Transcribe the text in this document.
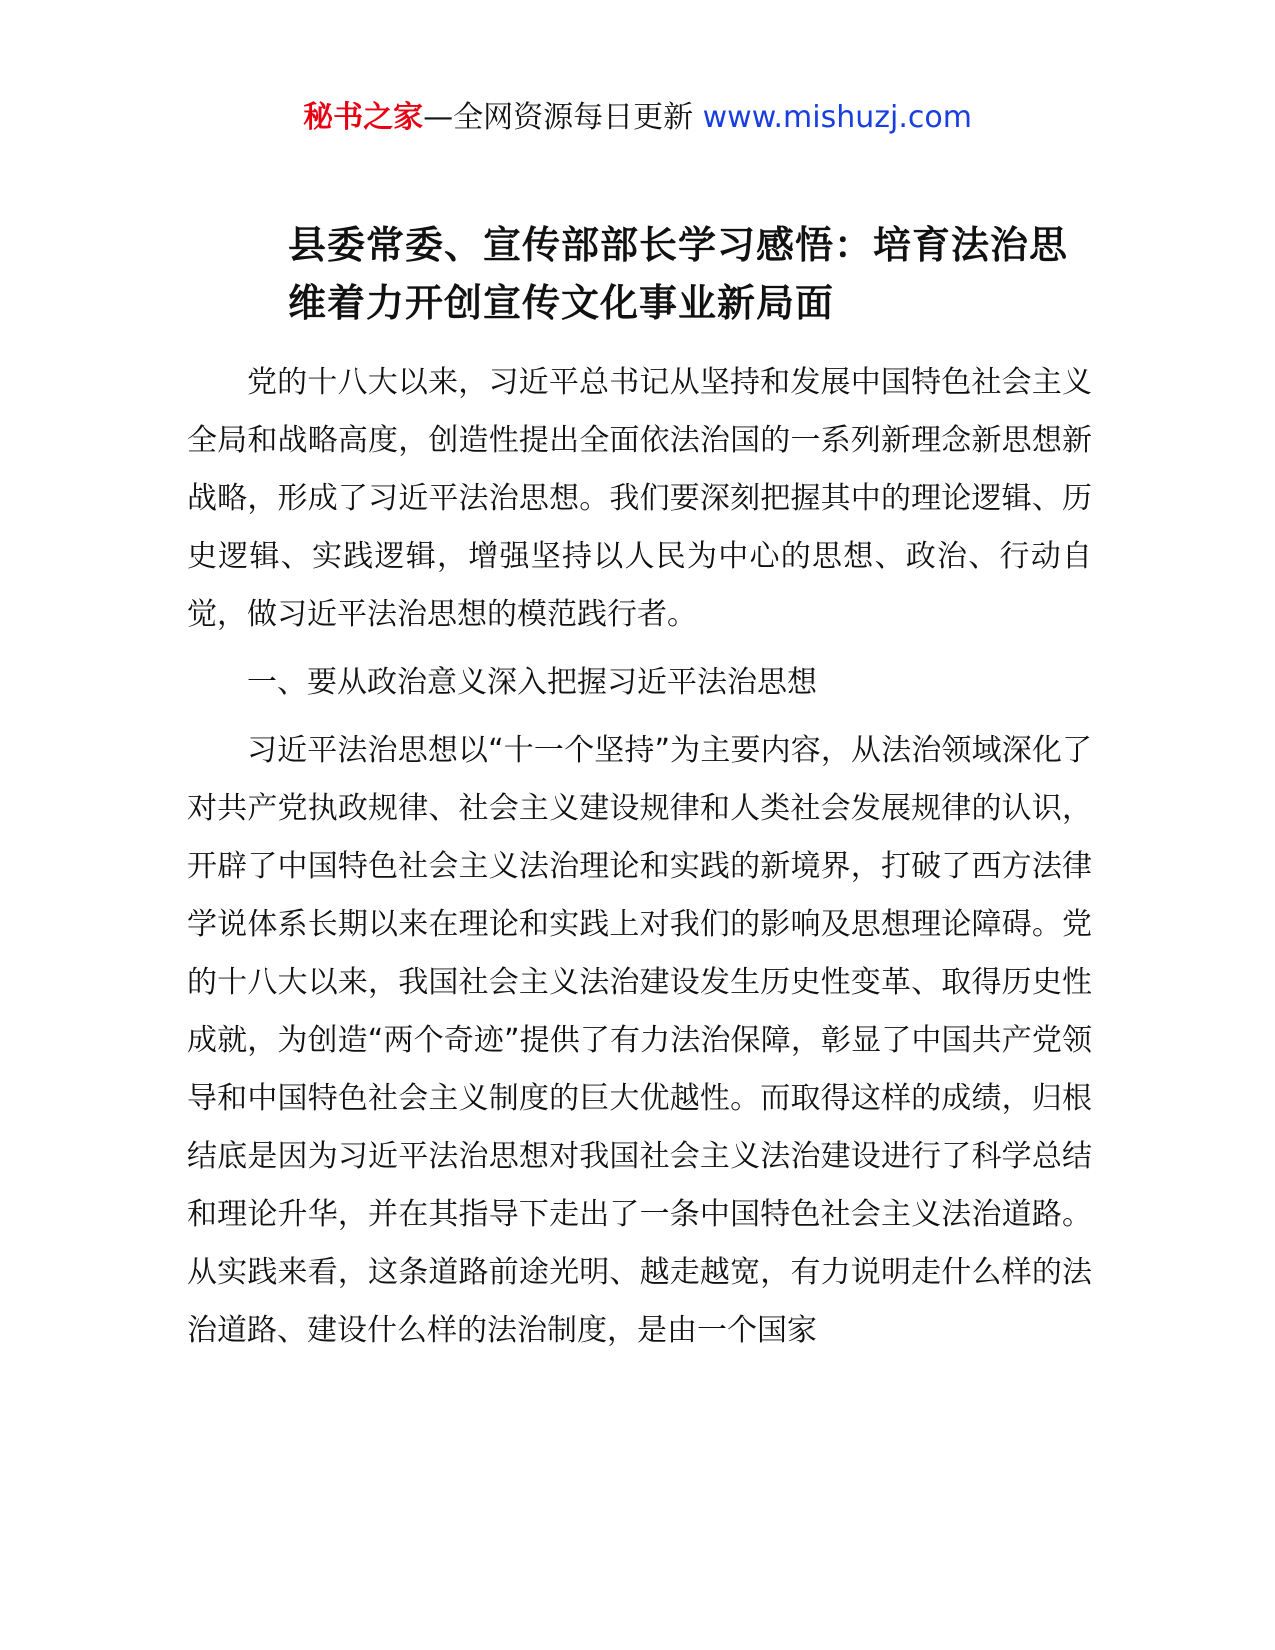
秘书之家—全网资源每日更新 www.mishuzj.com
县委常委、宣传部部长学习感悟：培育法治思维着力开创宣传文化事业新局面

党的十八大以来，习近平总书记从坚持和发展中国特色社会主义全局和战略高度，创造性提出全面依法治国的一系列新理念新思想新战略，形成了习近平法治思想。我们要深刻把握其中的理论逻辑、历史逻辑、实践逻辑，增强坚持以人民为中心的思想、政治、行动自觉，做习近平法治思想的模范践行者。

一、要从政治意义深入把握习近平法治思想

习近平法治思想以“十一个坚持”为主要内容，从法治领域深化了对共产党执政规律、社会主义建设规律和人类社会发展规律的认识，开辟了中国特色社会主义法治理论和实践的新境界，打破了西方法律学说体系长期以来在理论和实践上对我们的影响及思想理论障碍。党的十八大以来，我国社会主义法治建设发生历史性变革、取得历史性成就，为创造“两个奇迹”提供了有力法治保障，彰显了中国共产党领导和中国特色社会主义制度的巨大优越性。而取得这样的成绩，归根结底是因为习近平法治思想对我国社会主义法治建设进行了科学总结和理论升华，并在其指导下走出了一条中国特色社会主义法治道路。从实践来看，这条道路前途光明、越走越宽，有力说明走什么样的法治道路、建设什么样的法治制度，是由一个国家
